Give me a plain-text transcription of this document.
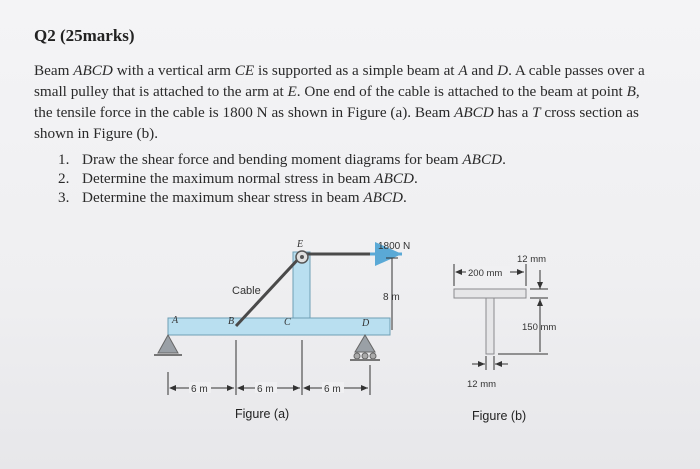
Q2 (25marks)
Beam ABCD with a vertical arm CE is supported as a simple beam at A and D. A cable passes over a small pulley that is attached to the arm at E. One end of the cable is attached to the beam at point B, the tensile force in the cable is 1800 N as shown in Figure (a). Beam ABCD has a T cross section as shown in Figure (b).
1. Draw the shear force and bending moment diagrams for beam ABCD.
2. Determine the maximum normal stress in beam ABCD.
3. Determine the maximum shear stress in beam ABCD.
A	B	C	D
E
Cable
1800 N
8 m
6 m	6 m	6 m
Figure (a)
200 mm
12 mm
150 mm
12 mm
Figure (b)
